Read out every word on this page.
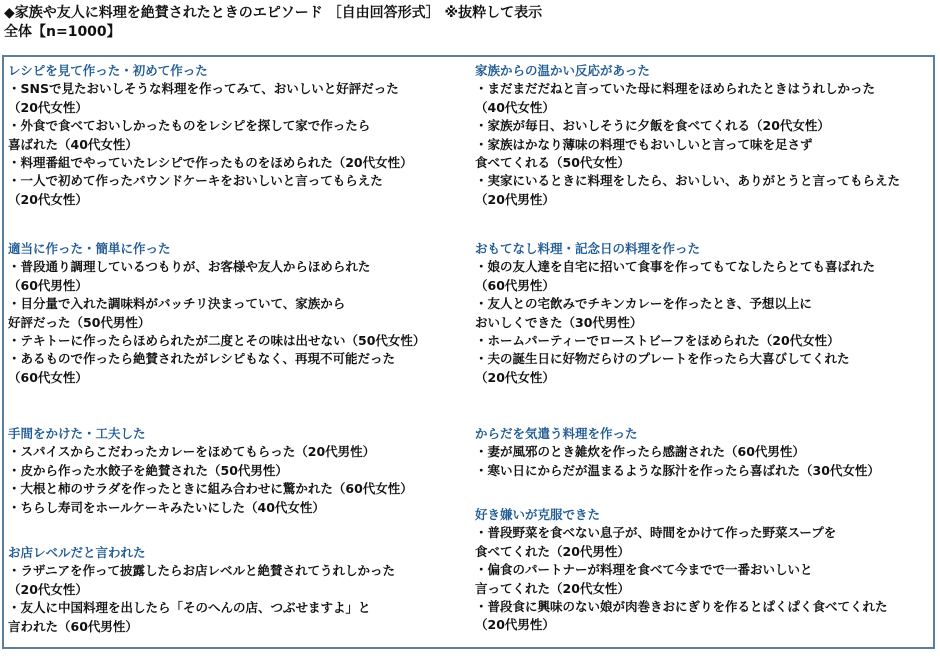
◆家族や友人に料理を絶賛されたときのエピソード ［自由回答形式］ ※抜粋して表示
全体【n=1000】
レシピを見て作った・初めて作った
・SNSで見たおいしそうな料理を作ってみて、おいしいと好評だった
（20代女性）
・外食で食べておいしかったものをレシピを探して家で作ったら
喜ばれた（40代女性）
・料理番組でやっていたレシピで作ったものをほめられた（20代女性）
・一人で初めて作ったパウンドケーキをおいしいと言ってもらえた
（20代女性）
適当に作った・簡単に作った
・普段通り調理しているつもりが、お客様や友人からほめられた
（60代男性）
・目分量で入れた調味料がバッチリ決まっていて、家族から
好評だった（50代男性）
・テキトーに作ったらほめられたが二度とその味は出せない（50代女性）
・あるもので作ったら絶賛されたがレシピもなく、再現不可能だった
（60代女性）
手間をかけた・工夫した
・スパイスからこだわったカレーをほめてもらった（20代男性）
・皮から作った水餃子を絶賛された（50代男性）
・大根と柿のサラダを作ったときに組み合わせに驚かれた（60代女性）
・ちらし寿司をホールケーキみたいにした（40代女性）
お店レベルだと言われた
・ラザニアを作って披露したらお店レベルと絶賛されてうれしかった
（20代女性）
・友人に中国料理を出したら「そのへんの店、つぶせますよ」と
言われた（60代男性）
家族からの温かい反応があった
・まだまだだねと言っていた母に料理をほめられたときはうれしかった
（40代女性）
・家族が毎日、おいしそうに夕飯を食べてくれる（20代女性）
・家族はかなり薄味の料理でもおいしいと言って味を足さず
食べてくれる（50代女性）
・実家にいるときに料理をしたら、おいしい、ありがとうと言ってもらえた
（20代男性）
おもてなし料理・記念日の料理を作った
・娘の友人達を自宅に招いて食事を作ってもてなしたらとても喜ばれた
（60代男性）
・友人との宅飲みでチキンカレーを作ったとき、予想以上に
おいしくできた（30代男性）
・ホームパーティーでローストビーフをほめられた（20代女性）
・夫の誕生日に好物だらけのプレートを作ったら大喜びしてくれた
（20代女性）
からだを気遣う料理を作った
・妻が風邪のとき雑炊を作ったら感謝された（60代男性）
・寒い日にからだが温まるような豚汁を作ったら喜ばれた（30代女性）
好き嫌いが克服できた
・普段野菜を食べない息子が、時間をかけて作った野菜スープを
食べてくれた（20代男性）
・偏食のパートナーが料理を食べて今までで一番おいしいと
言ってくれた（20代女性）
・普段食に興味のない娘が肉巻きおにぎりを作るとぱくぱく食べてくれた
（20代男性）
